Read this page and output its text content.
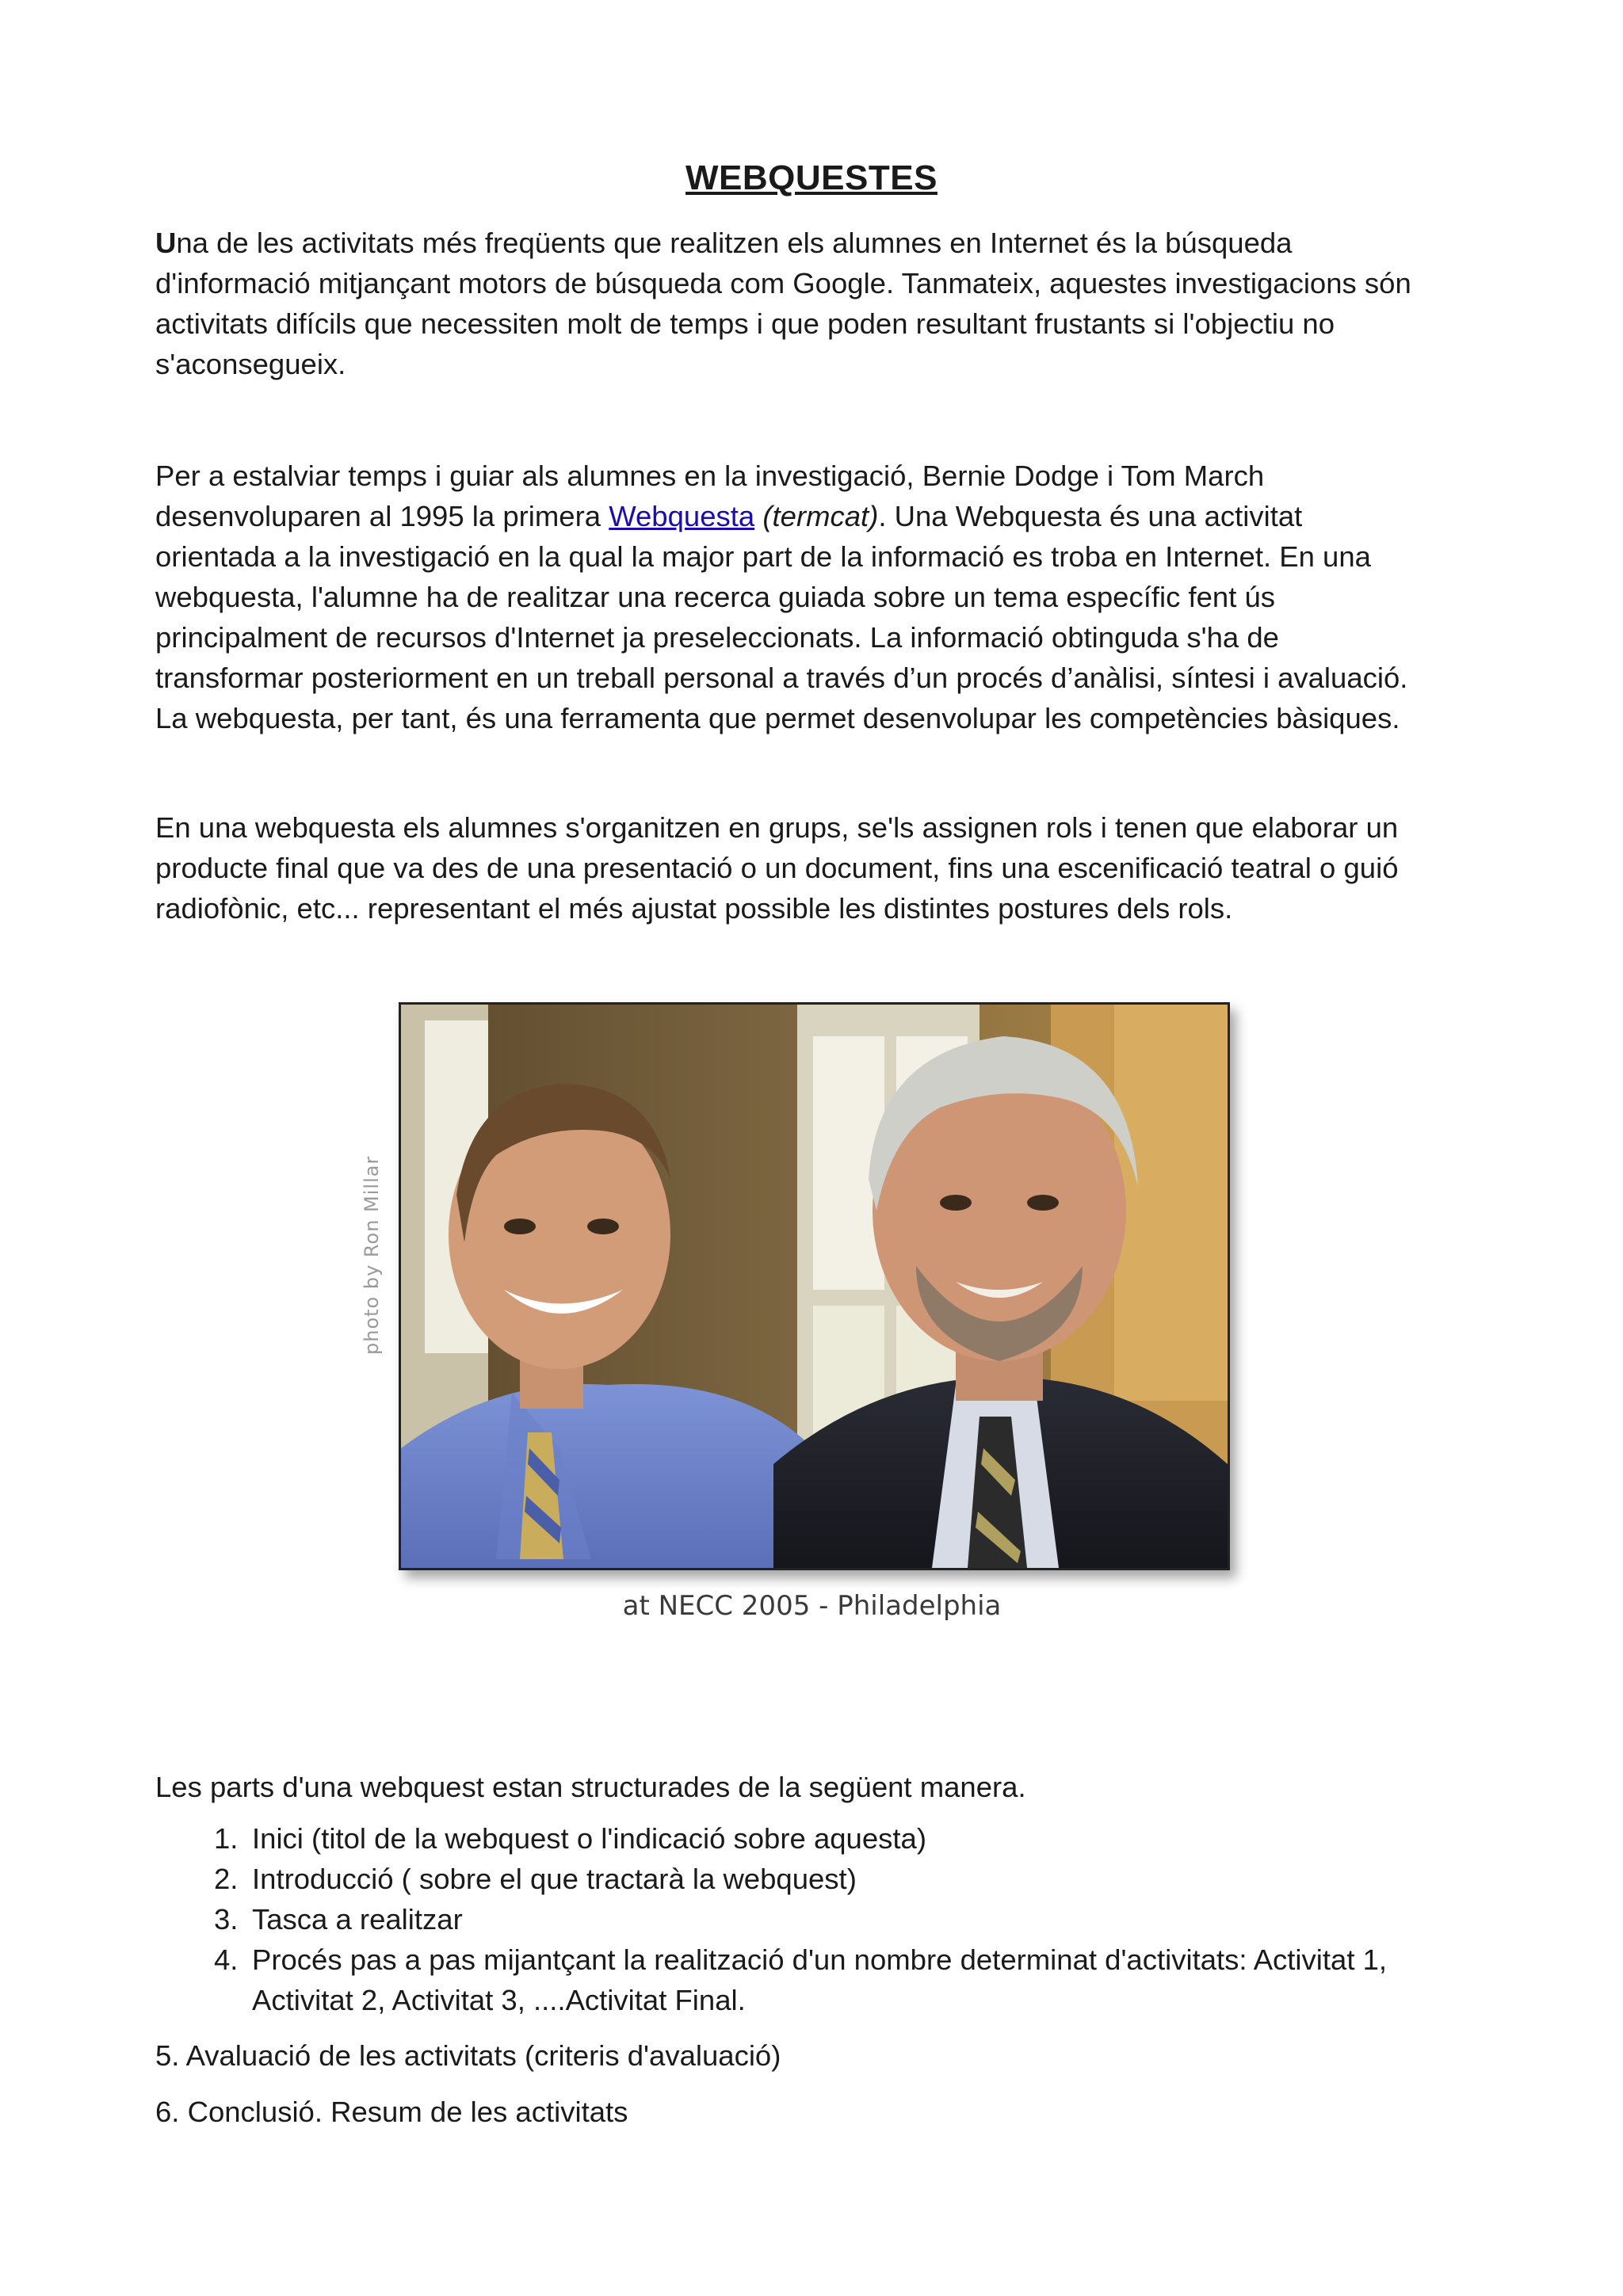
WEBQUESTES

Una de les activitats més freqüents que realitzen els alumnes en Internet és la búsqueda
d'informació mitjançant motors de búsqueda com Google. Tanmateix, aquestes investigacions són
activitats difícils que necessiten molt de temps i que poden resultant frustants si l'objectiu no
s'aconsegueix.

Per a estalviar temps i guiar als alumnes en la investigació, Bernie Dodge i Tom March
desenvoluparen al 1995 la primera Webquesta (termcat). Una Webquesta és una activitat
orientada a la investigació en la qual la major part de la informació es troba en Internet. En una
webquesta, l'alumne ha de realitzar una recerca guiada sobre un tema específic fent ús
principalment de recursos d'Internet ja preseleccionats. La informació obtinguda s'ha de
transformar posteriorment en un treball personal a través d’un procés d’anàlisi, síntesi i avaluació.
La webquesta, per tant, és una ferramenta que permet desenvolupar les competències bàsiques.

En una webquesta els alumnes s'organitzen en grups, se'ls assignen rols i tenen que elaborar un
producte final que va des de una presentació o un document, fins una escenificació teatral o guió
radiofònic, etc... representant el més ajustat possible les distintes postures dels rols.

photo by Ron Millar
at NECC 2005 - Philadelphia
Les parts d'una webquest estan structurades de la següent manera.
1. Inici (titol de la webquest o l'indicació sobre aquesta)
2. Introducció ( sobre el que tractarà la webquest)
3. Tasca a realitzar
4. Procés pas a pas mijantçant la realització d'un nombre determinat d'activitats: Activitat 1,
Activitat 2, Activitat 3, ....Activitat Final.
5. Avaluació de les activitats (criteris d'avaluació)
6. Conclusió. Resum de les activitats
